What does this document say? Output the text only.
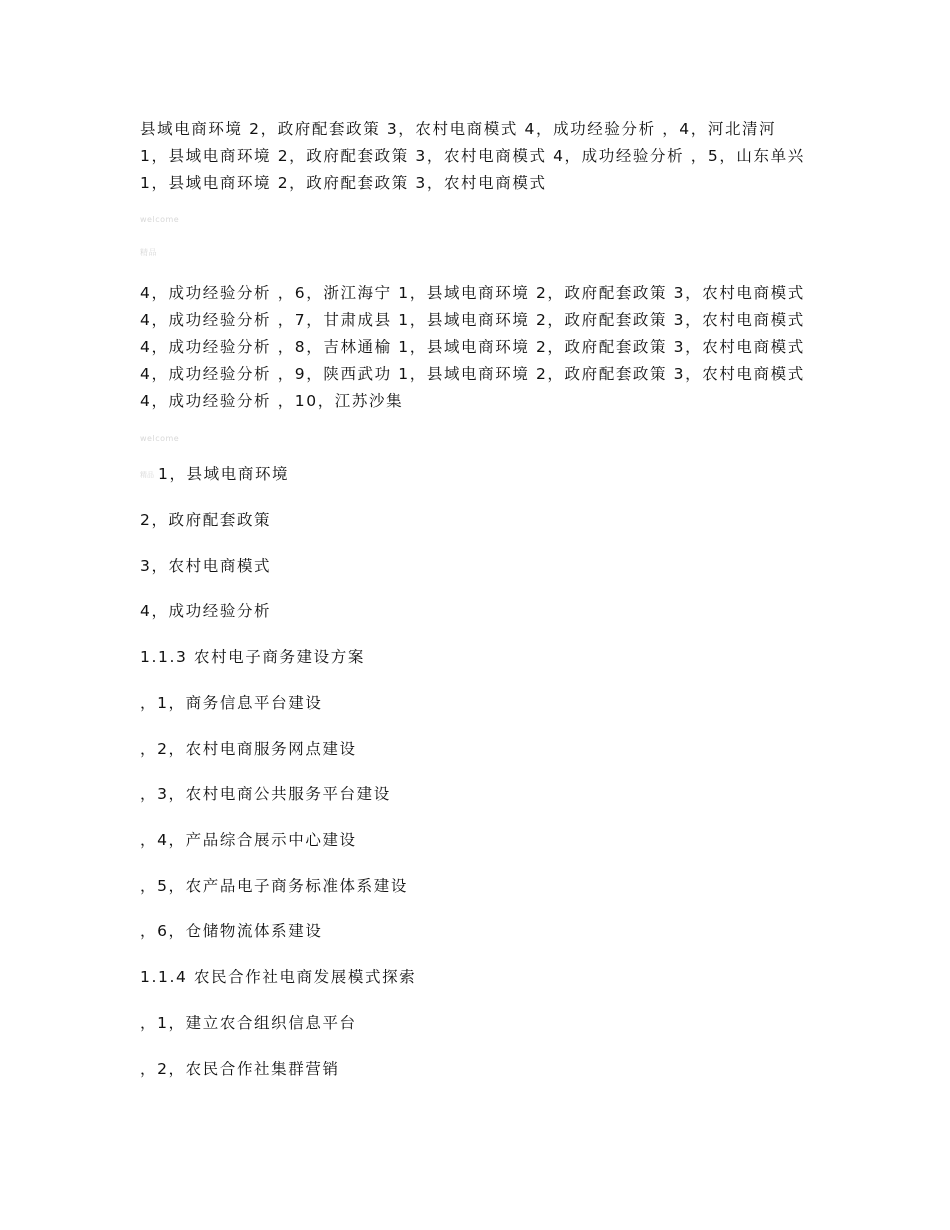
县域电商环境 2，政府配套政策 3，农村电商模式 4，成功经验分析 ，4，河北清河 1，县域电商环境 2，政府配套政策 3，农村电商模式 4，成功经验分析 ，5，山东单兴 1，县域电商环境 2，政府配套政策 3，农村电商模式

welcome
精品

4，成功经验分析 ，6，浙江海宁 1，县域电商环境 2，政府配套政策 3，农村电商模式 4，成功经验分析 ，7，甘肃成县 1，县域电商环境 2，政府配套政策 3，农村电商模式 4，成功经验分析 ，8，吉林通榆 1，县域电商环境 2，政府配套政策 3，农村电商模式 4，成功经验分析 ，9，陕西武功 1，县域电商环境 2，政府配套政策 3，农村电商模式 4，成功经验分析 ，10，江苏沙集

welcome
精品 1，县域电商环境
2，政府配套政策
3，农村电商模式
4，成功经验分析
1.1.3 农村电子商务建设方案
，1，商务信息平台建设
，2，农村电商服务网点建设
，3，农村电商公共服务平台建设
，4，产品综合展示中心建设
，5，农产品电子商务标准体系建设
，6，仓储物流体系建设
1.1.4 农民合作社电商发展模式探索
，1，建立农合组织信息平台
，2，农民合作社集群营销
